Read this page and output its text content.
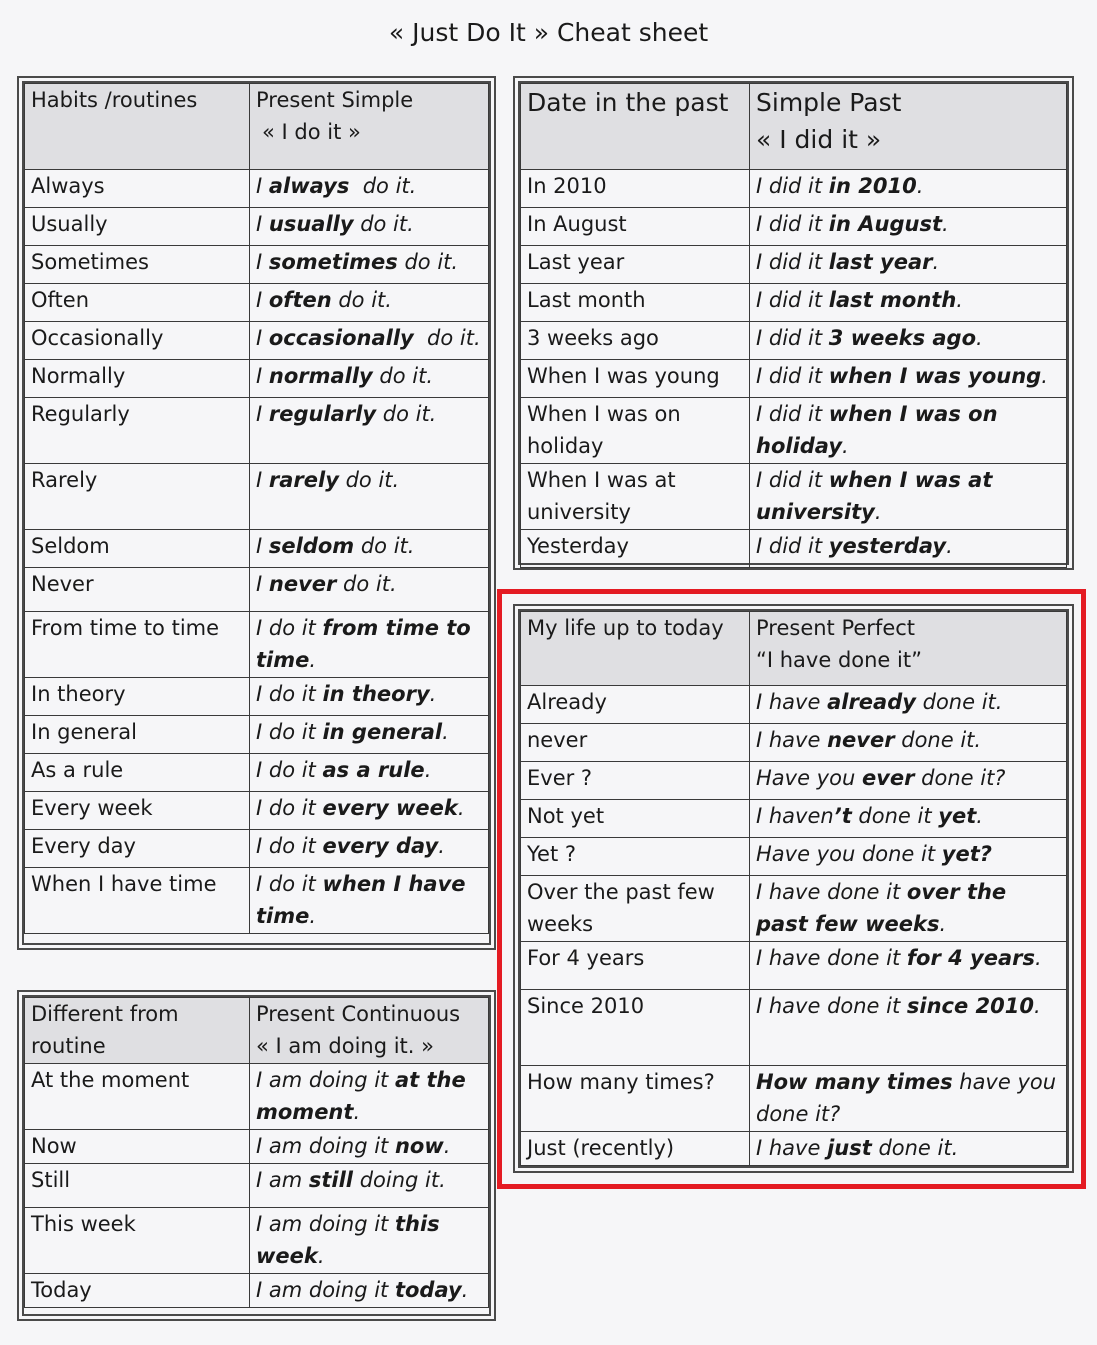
« Just Do It » Cheat sheet
Habits /routines	Present Simple
« I do it »
Always	I always  do it.
Usually	I usually do it.
Sometimes	I sometimes do it.
Often	I often do it.
Occasionally	I occasionally  do it.
Normally	I normally do it.
Regularly	I regularly do it.
Rarely	I rarely do it.
Seldom	I seldom do it.
Never	I never do it.
From time to time	I do it from time to time.
In theory	I do it in theory.
In general	I do it in general.
As a rule	I do it as a rule.
Every week	I do it every week.
Every day	I do it every day.
When I have time	I do it when I have time.
Date in the past	Simple Past
« I did it »
In 2010	I did it in 2010.
In August	I did it in August.
Last year	I did it last year.
Last month	I did it last month.
3 weeks ago	I did it 3 weeks ago.
When I was young	I did it when I was young.
When I was on holiday	I did it when I was on holiday.
When I was at university	I did it when I was at university.
Yesterday	I did it yesterday.
My life up to today	Present Perfect
“I have done it”
Already	I have already done it.
never	I have never done it.
Ever ?	Have you ever done it?
Not yet	I haven’t done it yet.
Yet ?	Have you done it yet?
Over the past few weeks	I have done it over the past few weeks.
For 4 years	I have done it for 4 years.
Since 2010	I have done it since 2010.
How many times?	How many times have you done it?
Just (recently)	I have just done it.
Different from routine	Present Continuous
« I am doing it. »
At the moment	I am doing it at the moment.
Now	I am doing it now.
Still	I am still doing it.
This week	I am doing it this week.
Today	I am doing it today.
